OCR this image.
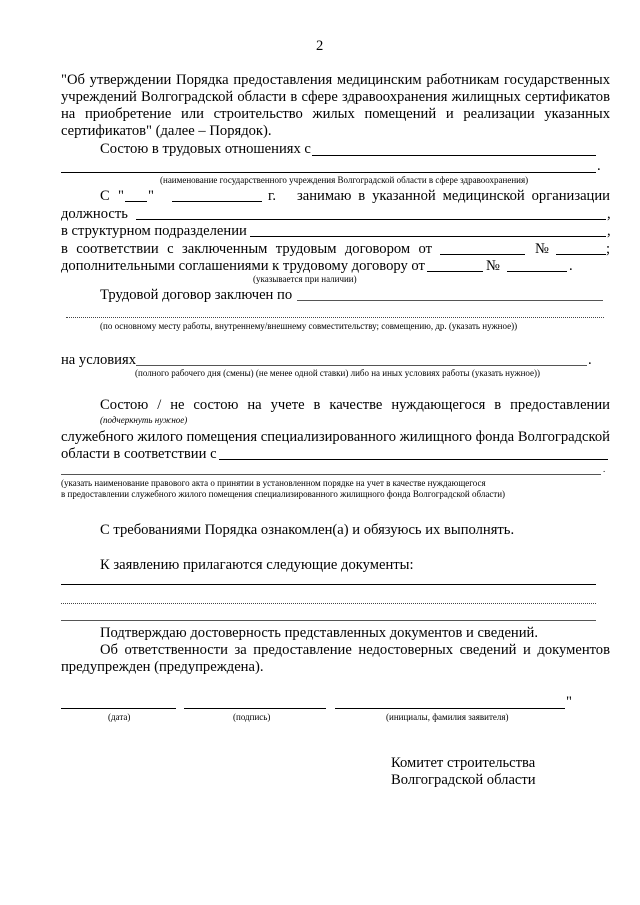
2
"Об утверждении Порядка предоставления медицинским работникам государственных
учреждений Волгоградской области в сфере здравоохранения жилищных сертификатов
на приобретение или строительство жилых помещений и реализации указанных
сертификатов" (далее – Порядок).
Состою в трудовых отношениях с
.
(наименование государственного учреждения Волгоградской области в сфере здравоохранения)
С " "	г. занимаю в указанной медицинской организации
должность	,
в структурном подразделении	,
в соответствии с заключенным трудовым договором от	№	;
дополнительными соглашениями к трудовому договору от	№	.
(указывается при наличии)
Трудовой договор заключен по
(по основному месту работы, внутреннему/внешнему совместительству; совмещению, др. (указать нужное))
на условиях	.
(полного рабочего дня (смены) (не менее одной ставки) либо на иных условиях работы (указать нужное))
Состою / не состою на учете в качестве нуждающегося в предоставлении
(подчеркнуть нужное)
служебного жилого помещения специализированного жилищного фонда Волгоградской
области в соответствии с
.
(указать наименование правового акта о принятии в установленном порядке на учет в качестве нуждающегося
в предоставлении служебного жилого помещения специализированного жилищного фонда Волгоградской области)
С требованиями Порядка ознакомлен(а) и обязуюсь их выполнять.
К заявлению прилагаются следующие документы:
Подтверждаю достоверность представленных документов и сведений.
Об ответственности за предоставление недостоверных сведений и документов
предупрежден (предупреждена).
"
(дата)	(подпись)	(инициалы, фамилия заявителя)
Комитет строительства
Волгоградской области
